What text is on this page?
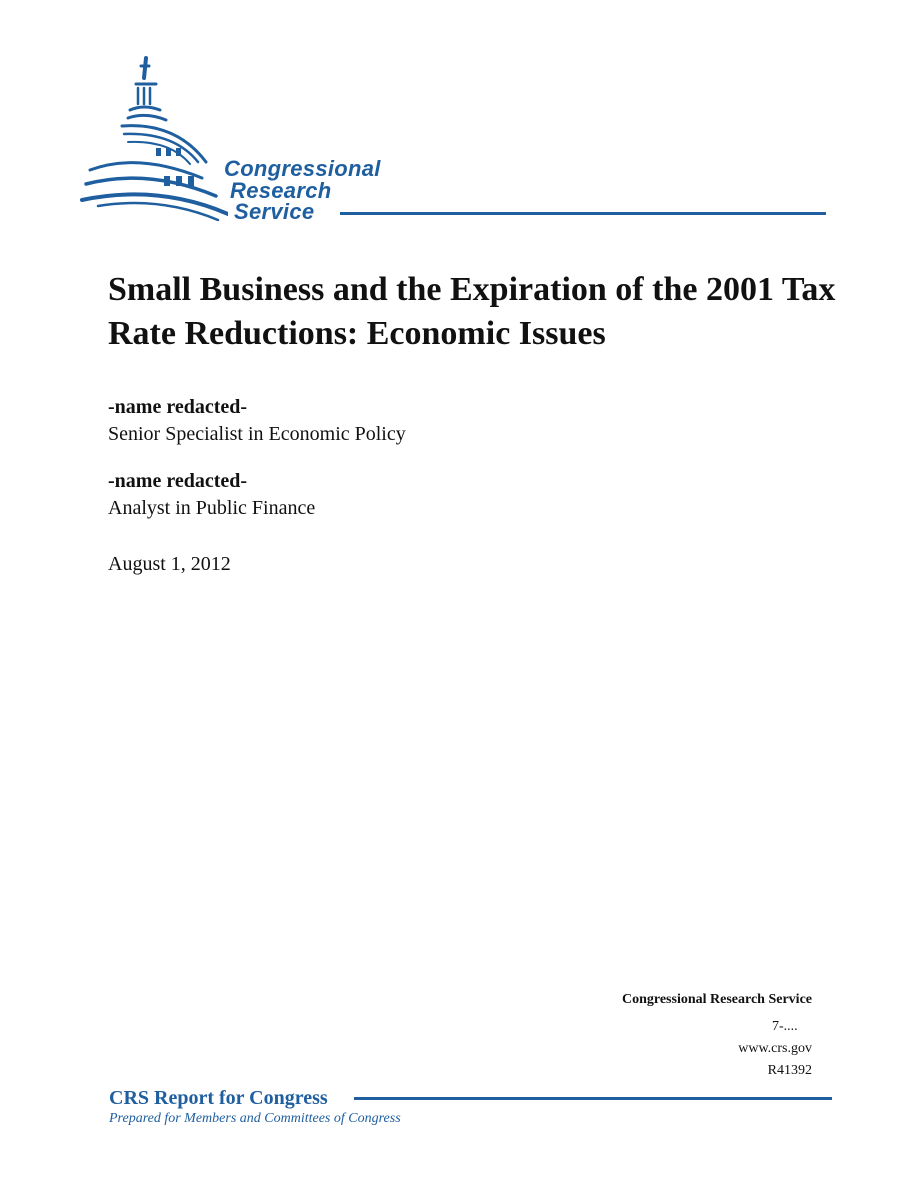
Congressional
Research
Service
Small Business and the Expiration of the 2001 Tax Rate Reductions: Economic Issues
-name redacted-
Senior Specialist in Economic Policy
-name redacted-
Analyst in Public Finance
August 1, 2012
Congressional Research Service
7-....
www.crs.gov
R41392
CRS Report for Congress
Prepared for Members and Committees of Congress
